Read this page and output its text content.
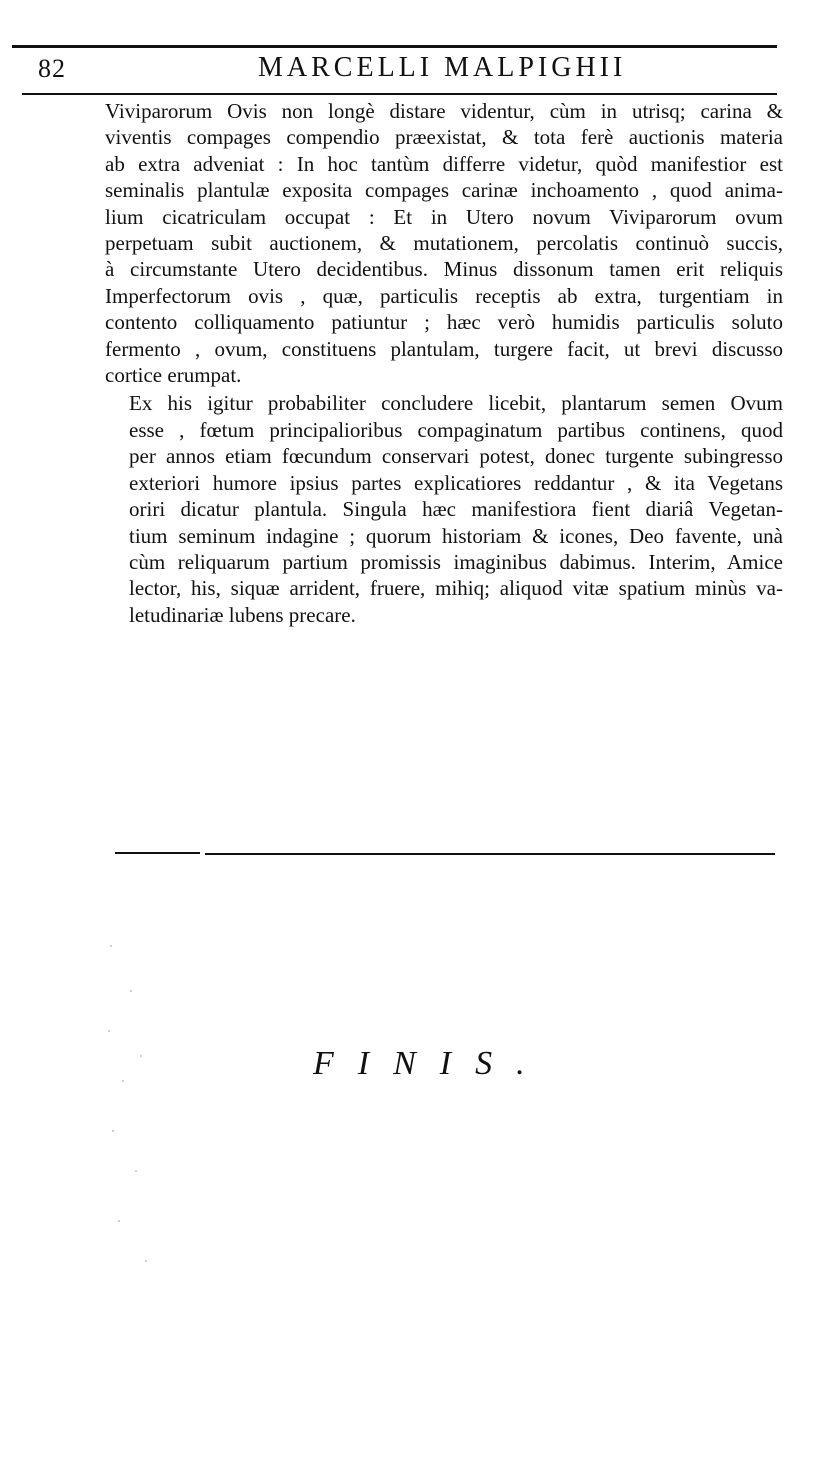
82	MARCELLI MALPIGHII

Viviparorum Ovis non longè distare videntur, cùm in utrisq; carina &
viventis compages compendio præexistat, & tota ferè auctionis materia
ab extra adveniat : In hoc tantùm differre videtur, quòd manifestior est
seminalis plantulæ exposita compages carinæ inchoamento , quod anima-
lium cicatriculam occupat : Et in Utero novum Viviparorum ovum
perpetuam subit auctionem, & mutationem, percolatis continuò succis,
à circumstante Utero decidentibus. Minus dissonum tamen erit reliquis
Imperfectorum ovis , quæ, particulis receptis ab extra, turgentiam in
contento colliquamento patiuntur ; hæc verò humidis particulis soluto
fermento , ovum, constituens plantulam, turgere facit, ut brevi discusso
cortice erumpat.

Ex his igitur probabiliter concludere licebit, plantarum semen Ovum
esse , fœtum principalioribus compaginatum partibus continens, quod
per annos etiam fœcundum conservari potest, donec turgente subingresso
exteriori humore ipsius partes explicatiores reddantur , & ita Vegetans
oriri dicatur plantula. Singula hæc manifestiora fient diariâ Vegetan-
tium seminum indagine ; quorum historiam & icones, Deo favente, unà
cùm reliquarum partium promissis imaginibus dabimus. Interim, Amice
lector, his, siquæ arrident, fruere, mihiq; aliquod vitæ spatium minùs va-
letudinariæ lubens precare.

FINIS.
